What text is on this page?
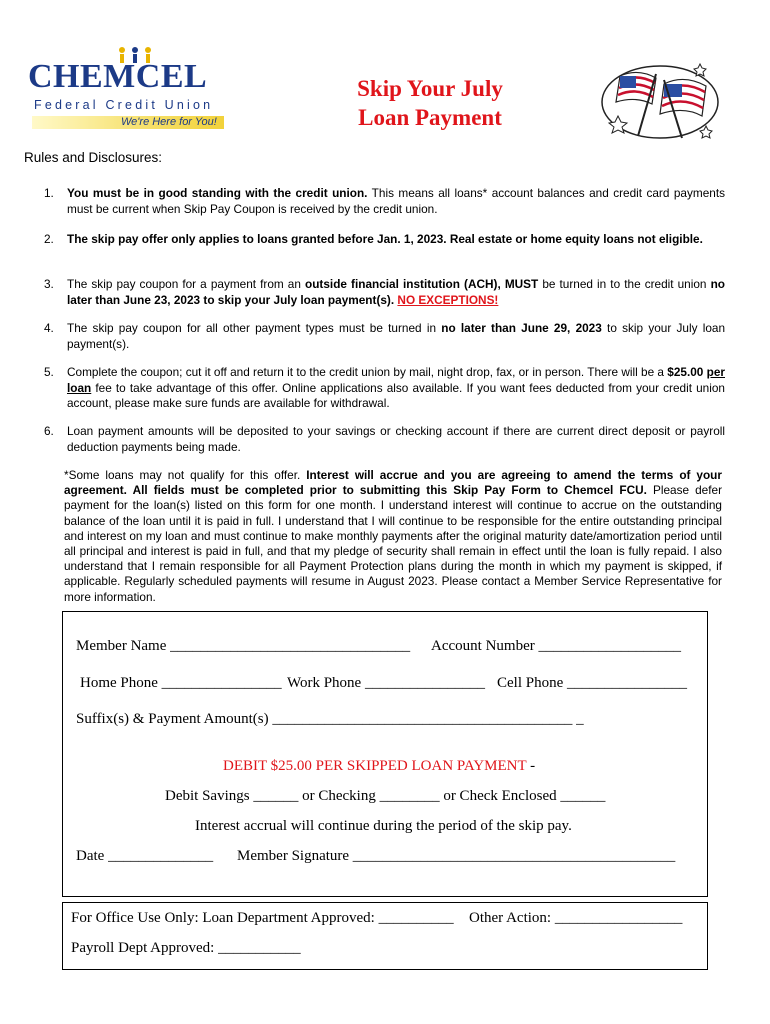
CHEMCEL
Federal Credit Union
We're Here for You!
Skip Your July
Loan Payment
Rules and Disclosures:
1. You must be in good standing with the credit union. This means all loans* account balances and credit card payments must be current when Skip Pay Coupon is received by the credit union.
2. The skip pay offer only applies to loans granted before Jan. 1, 2023. Real estate or home equity loans not eligible.
3. The skip pay coupon for a payment from an outside financial institution (ACH), MUST be turned in to the credit union no later than June 23, 2023 to skip your July loan payment(s). NO EXCEPTIONS!
4. The skip pay coupon for all other payment types must be turned in no later than June 29, 2023 to skip your July loan payment(s).
5. Complete the coupon; cut it off and return it to the credit union by mail, night drop, fax, or in person. There will be a $25.00 per loan fee to take advantage of this offer. Online applications also available. If you want fees deducted from your credit union account, please make sure funds are available for withdrawal.
6. Loan payment amounts will be deposited to your savings or checking account if there are current direct deposit or payroll deduction payments being made.
*Some loans may not qualify for this offer. Interest will accrue and you are agreeing to amend the terms of your agreement. All fields must be completed prior to submitting this Skip Pay Form to Chemcel FCU. Please defer payment for the loan(s) listed on this form for one month. I understand interest will continue to accrue on the outstanding balance of the loan until it is paid in full. I understand that I will continue to be responsible for the entire outstanding principal and interest on my loan and must continue to make monthly payments after the original maturity date/amortization period until all principal and interest is paid in full, and that my pledge of security shall remain in effect until the loan is fully repaid. I also understand that I remain responsible for all Payment Protection plans during the month in which my payment is skipped, if applicable. Regularly scheduled payments will resume in August 2023. Please contact a Member Service Representative for more information.
Member Name ________________________________ Account Number ___________________
Home Phone ________________ Work Phone ________________ Cell Phone ________________
Suffix(s) & Payment Amount(s) ________________________________________ _
DEBIT $25.00 PER SKIPPED LOAN PAYMENT -
Debit Savings ______ or Checking ________ or Check Enclosed ______
Interest accrual will continue during the period of the skip pay.
Date ______________ Member Signature ___________________________________________
For Office Use Only: Loan Department Approved: __________ Other Action: _________________
Payroll Dept Approved: ___________
